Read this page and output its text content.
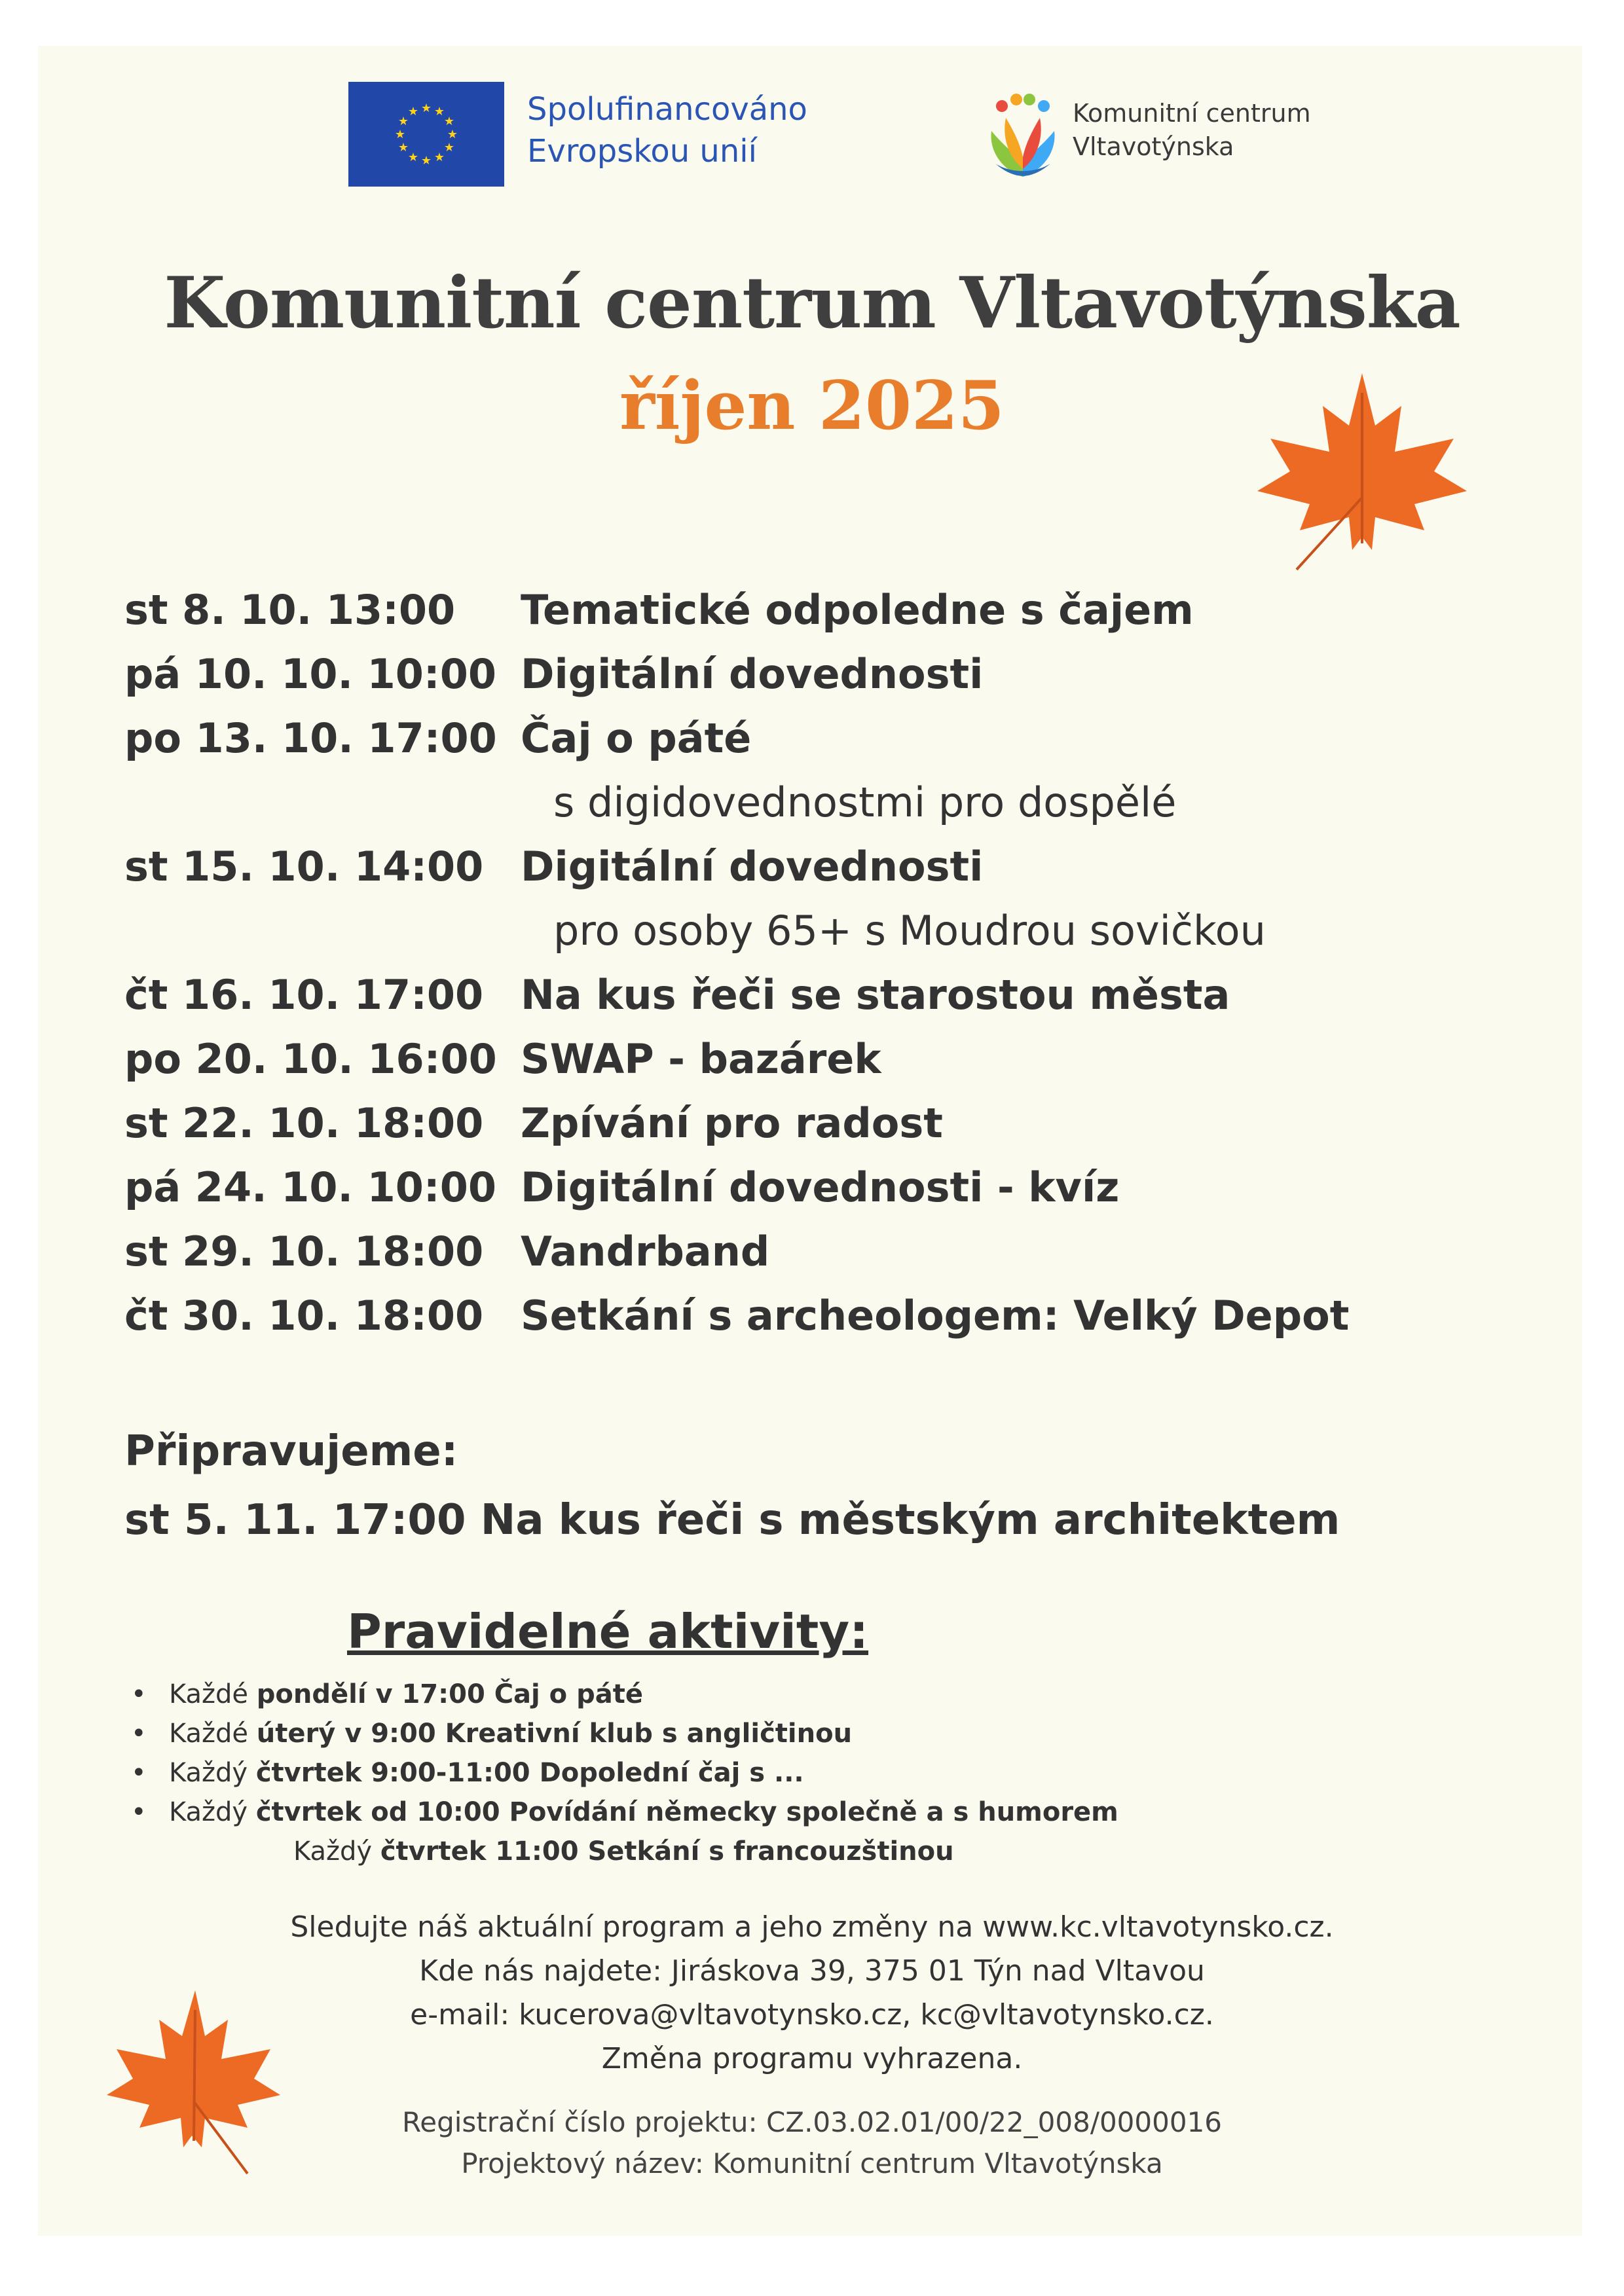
★ ★
★
★
★
★
★
★
★
★
★
★	Spolufinancováno
Evropskou unií
Komunitní centrum
Vltavotýnska
Komunitní centrum Vltavotýnska
říjen 2025
st 8. 10. 13:00 Tematické odpoledne s čajem
pá 10. 10. 10:00 Digitální dovednosti
po 13. 10. 17:00 Čaj o páté
s digidovednostmi pro dospělé
st 15. 10. 14:00 Digitální dovednosti
pro osoby 65+ s Moudrou sovičkou
čt 16. 10. 17:00 Na kus řeči se starostou města
po 20. 10. 16:00 SWAP - bazárek
st 22. 10. 18:00 Zpívání pro radost
pá 24. 10. 10:00 Digitální dovednosti - kvíz
st 29. 10. 18:00 Vandrband
čt 30. 10. 18:00 Setkání s archeologem: Velký Depot
Připravujeme:
st 5. 11. 17:00 Na kus řeči s městským architektem
Pravidelné aktivity:
• Každé pondělí v 17:00 Čaj o páté
• Každé úterý v 9:00 Kreativní klub s angličtinou
• Každý čtvrtek 9:00-11:00 Dopolední čaj s ...
• Každý čtvrtek od 10:00 Povídání německy společně a s humorem
Každý čtvrtek 11:00 Setkání s francouzštinou
Sledujte náš aktuální program a jeho změny na www.kc.vltavotynsko.cz.
Kde nás najdete: Jiráskova 39, 375 01 Týn nad Vltavou
e-mail: kucerova@vltavotynsko.cz, kc@vltavotynsko.cz.
Změna programu vyhrazena.
Registrační číslo projektu: CZ.03.02.01/00/22_008/0000016
Projektový název: Komunitní centrum Vltavotýnska
